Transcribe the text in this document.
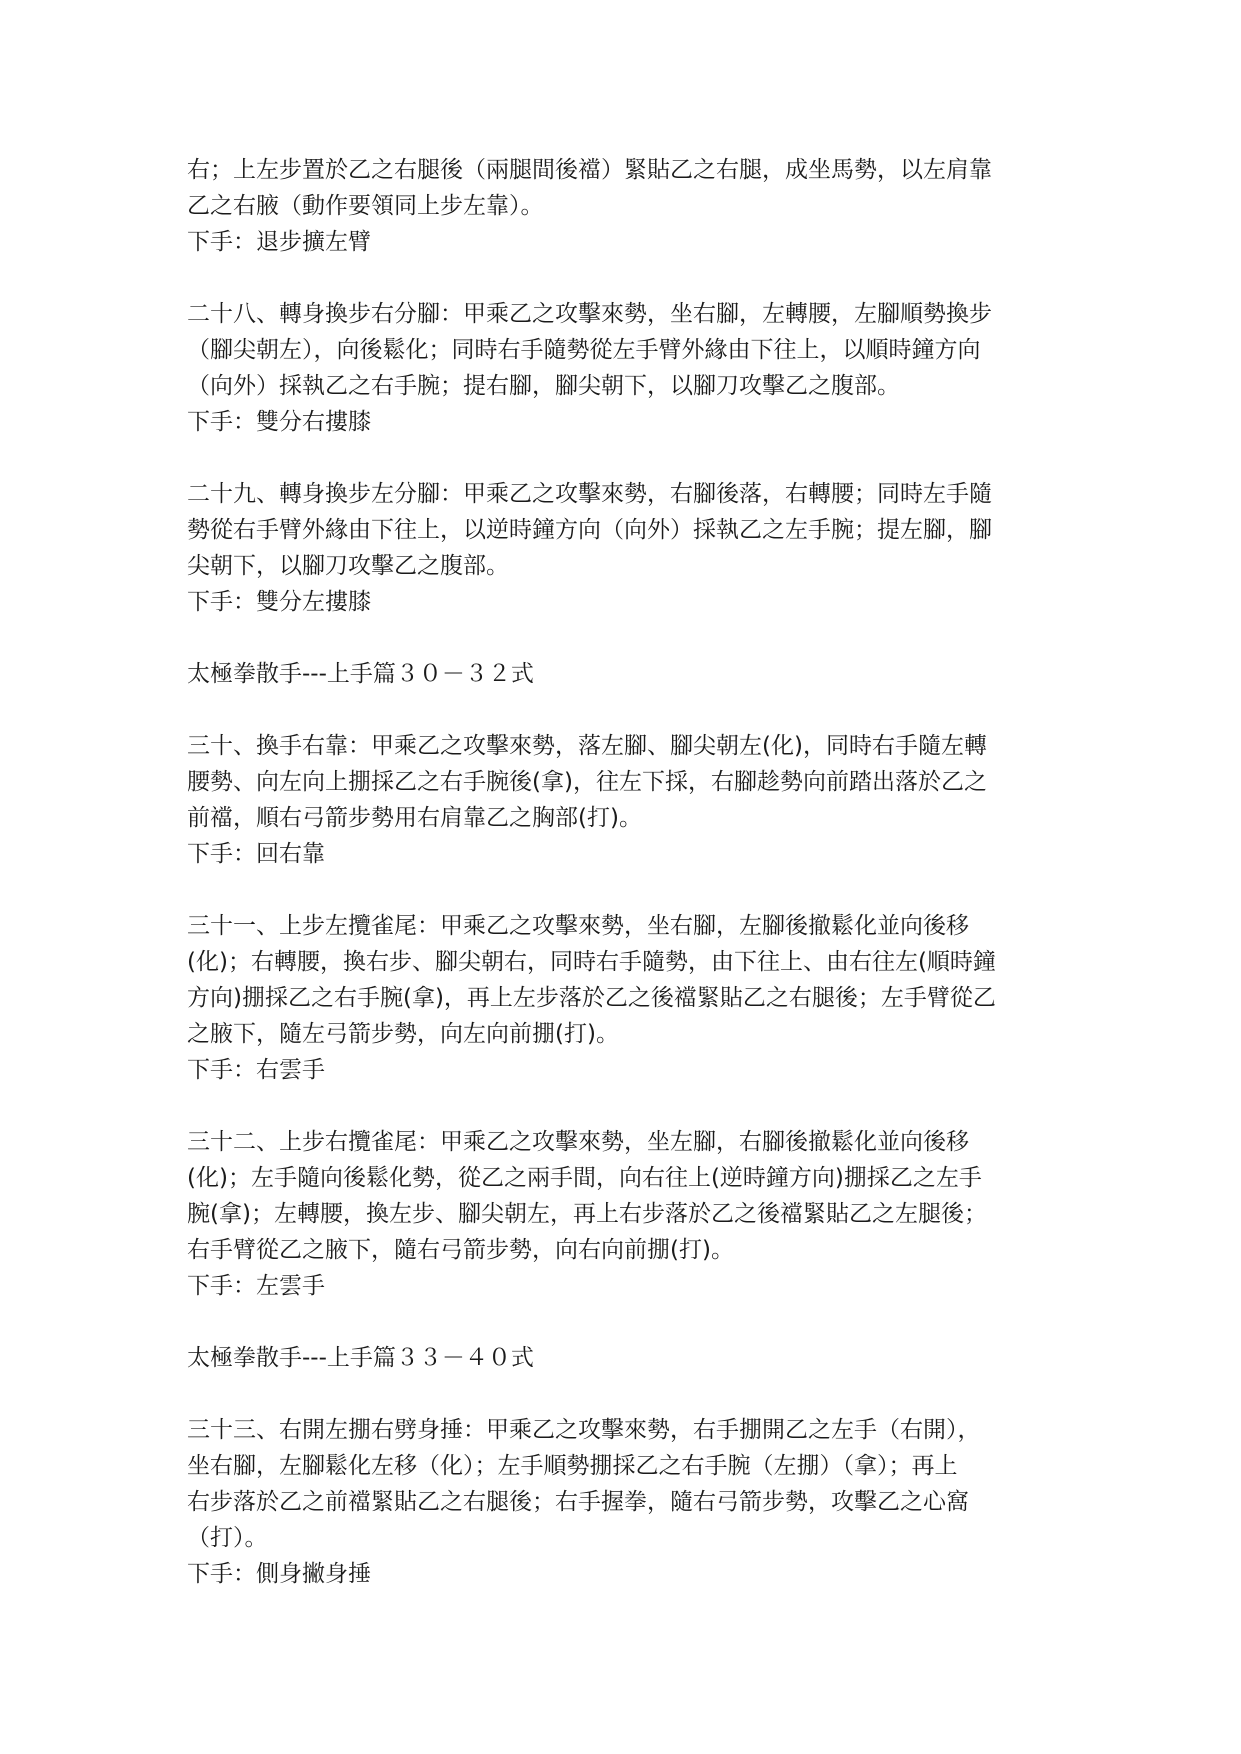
右；上左步置於乙之右腿後（兩腿間後襠）緊貼乙之右腿，成坐馬勢，以左肩靠
乙之右腋（動作要領同上步左靠）。
下手：退步擴左臂
二十八、轉身換步右分腳：甲乘乙之攻擊來勢，坐右腳，左轉腰，左腳順勢換步
（腳尖朝左），向後鬆化；同時右手隨勢從左手臂外緣由下往上，以順時鐘方向
（向外）採執乙之右手腕；提右腳，腳尖朝下，以腳刀攻擊乙之腹部。
下手：雙分右摟膝
二十九、轉身換步左分腳：甲乘乙之攻擊來勢，右腳後落，右轉腰；同時左手隨
勢從右手臂外緣由下往上，以逆時鐘方向（向外）採執乙之左手腕；提左腳，腳
尖朝下，以腳刀攻擊乙之腹部。
下手：雙分左摟膝
太極拳散手---上手篇３０－３２式
三十、換手右靠：甲乘乙之攻擊來勢，落左腳、腳尖朝左(化)，同時右手隨左轉
腰勢、向左向上掤採乙之右手腕後(拿)，往左下採，右腳趁勢向前踏出落於乙之
前襠，順右弓箭步勢用右肩靠乙之胸部(打)。
下手：回右靠
三十一、上步左攬雀尾：甲乘乙之攻擊來勢，坐右腳，左腳後撤鬆化並向後移
(化)；右轉腰，換右步、腳尖朝右，同時右手隨勢，由下往上、由右往左(順時鐘
方向)掤採乙之右手腕(拿)，再上左步落於乙之後襠緊貼乙之右腿後；左手臂從乙
之腋下，隨左弓箭步勢，向左向前掤(打)。
下手：右雲手
三十二、上步右攬雀尾：甲乘乙之攻擊來勢，坐左腳，右腳後撤鬆化並向後移
(化)；左手隨向後鬆化勢，從乙之兩手間，向右往上(逆時鐘方向)掤採乙之左手
腕(拿)；左轉腰，換左步、腳尖朝左，再上右步落於乙之後襠緊貼乙之左腿後；
右手臂從乙之腋下，隨右弓箭步勢，向右向前掤(打)。
下手：左雲手
太極拳散手---上手篇３３－４０式
三十三、右開左掤右劈身捶：甲乘乙之攻擊來勢，右手掤開乙之左手（右開），
坐右腳，左腳鬆化左移（化）；左手順勢掤採乙之右手腕（左掤）（拿）；再上
右步落於乙之前襠緊貼乙之右腿後；右手握拳，隨右弓箭步勢，攻擊乙之心窩
（打）。
下手：側身撇身捶
